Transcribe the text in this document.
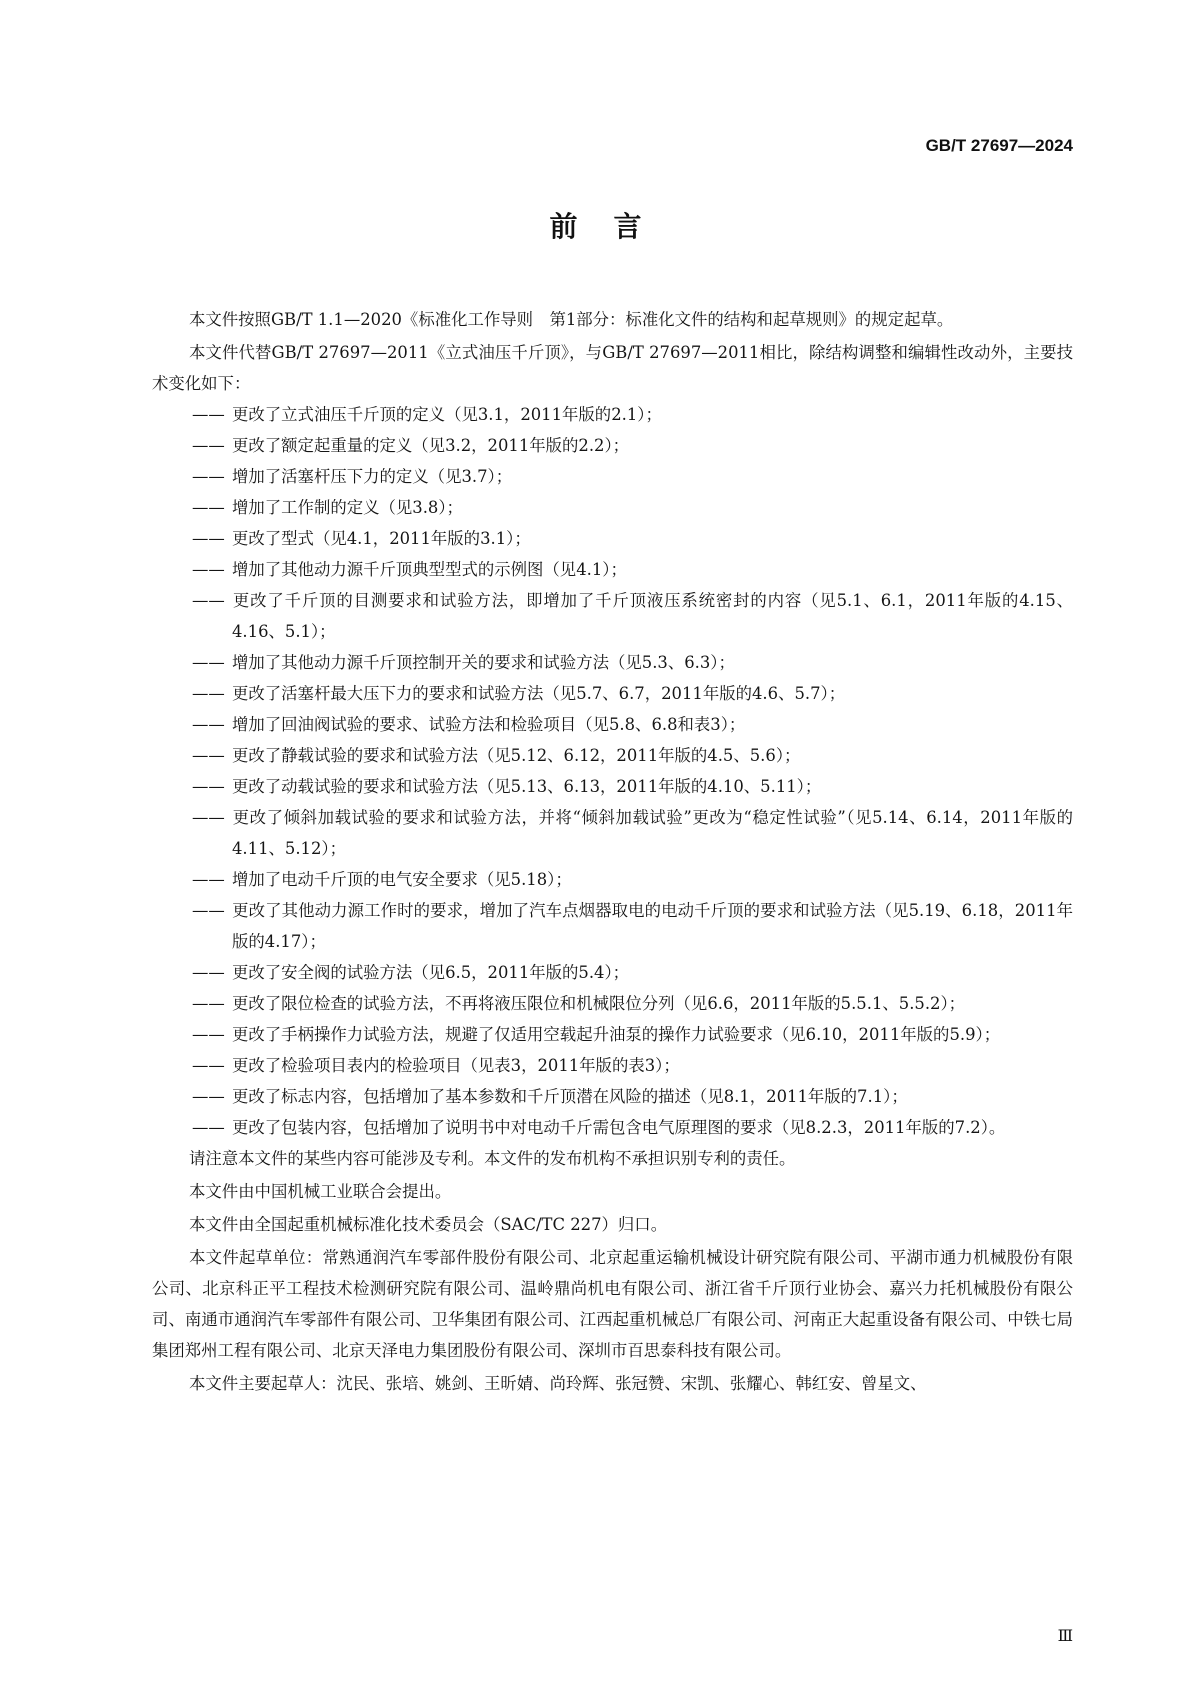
GB/T 27697—2024
前言

本文件按照GB/T 1.1—2020《标准化工作导则　第1部分：标准化文件的结构和起草规则》的规定起草。

本文件代替GB/T 27697—2011《立式油压千斤顶》，与GB/T 27697—2011相比，除结构调整和编辑性改动外，主要技术变化如下：

—— 更改了立式油压千斤顶的定义（见3.1，2011年版的2.1）；

—— 更改了额定起重量的定义（见3.2，2011年版的2.2）；

—— 增加了活塞杆压下力的定义（见3.7）；

—— 增加了工作制的定义（见3.8）；

—— 更改了型式（见4.1，2011年版的3.1）；

—— 增加了其他动力源千斤顶典型型式的示例图（见4.1）；

—— 更改了千斤顶的目测要求和试验方法，即增加了千斤顶液压系统密封的内容（见5.1、6.1，2011年版的4.15、4.16、5.1）；

—— 增加了其他动力源千斤顶控制开关的要求和试验方法（见5.3、6.3）；

—— 更改了活塞杆最大压下力的要求和试验方法（见5.7、6.7，2011年版的4.6、5.7）；

—— 增加了回油阀试验的要求、试验方法和检验项目（见5.8、6.8和表3）；

—— 更改了静载试验的要求和试验方法（见5.12、6.12，2011年版的4.5、5.6）；

—— 更改了动载试验的要求和试验方法（见5.13、6.13，2011年版的4.10、5.11）；

—— 更改了倾斜加载试验的要求和试验方法，并将“倾斜加载试验”更改为“稳定性试验”（见5.14、6.14，2011年版的4.11、5.12）；

—— 增加了电动千斤顶的电气安全要求（见5.18）；

—— 更改了其他动力源工作时的要求，增加了汽车点烟器取电的电动千斤顶的要求和试验方法（见5.19、6.18，2011年版的4.17）；

—— 更改了安全阀的试验方法（见6.5，2011年版的5.4）；

—— 更改了限位检查的试验方法，不再将液压限位和机械限位分列（见6.6，2011年版的5.5.1、5.5.2）；

—— 更改了手柄操作力试验方法，规避了仅适用空载起升油泵的操作力试验要求（见6.10，2011年版的5.9）；

—— 更改了检验项目表内的检验项目（见表3，2011年版的表3）；

—— 更改了标志内容，包括增加了基本参数和千斤顶潜在风险的描述（见8.1，2011年版的7.1）；

—— 更改了包装内容，包括增加了说明书中对电动千斤需包含电气原理图的要求（见8.2.3，2011年版的7.2）。

请注意本文件的某些内容可能涉及专利。本文件的发布机构不承担识别专利的责任。

本文件由中国机械工业联合会提出。

本文件由全国起重机械标准化技术委员会（SAC/TC 227）归口。

本文件起草单位：常熟通润汽车零部件股份有限公司、北京起重运输机械设计研究院有限公司、平湖市通力机械股份有限公司、北京科正平工程技术检测研究院有限公司、温岭鼎尚机电有限公司、浙江省千斤顶行业协会、嘉兴力托机械股份有限公司、南通市通润汽车零部件有限公司、卫华集团有限公司、江西起重机械总厂有限公司、河南正大起重设备有限公司、中铁七局集团郑州工程有限公司、北京天泽电力集团股份有限公司、深圳市百思泰科技有限公司。

本文件主要起草人：沈民、张培、姚剑、王昕婧、尚玲辉、张冠赞、宋凯、张耀心、韩红安、曾星文、

Ⅲ
